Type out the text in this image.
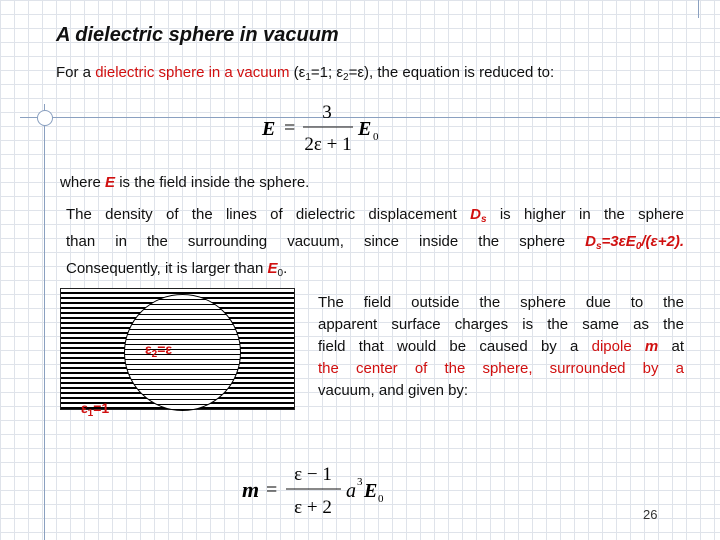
A dielectric sphere in vacuum
For a dielectric sphere in a vacuum ($\varepsilon_1=1$; $\varepsilon_2=\varepsilon$), the equation is reduced to:
E =
3
2ε + 1
E 0
where E is the field inside the sphere.
The density of the lines of dielectric displacement $D_s$ is higher in the sphere
than in the surrounding vacuum, since inside the sphere $D_s=3\varepsilon E_0/(\varepsilon+2)$.
Consequently, it is larger than $E_0$.
$\varepsilon_2=\varepsilon$
$\varepsilon_1=1$
The field outside the sphere due to the
apparent surface charges is the same as the
field that would be caused by a dipole m at
the center of the sphere, surrounded by a
vacuum, and given by:
m =
ε − 1
ε + 2
a 3 E 0
26
